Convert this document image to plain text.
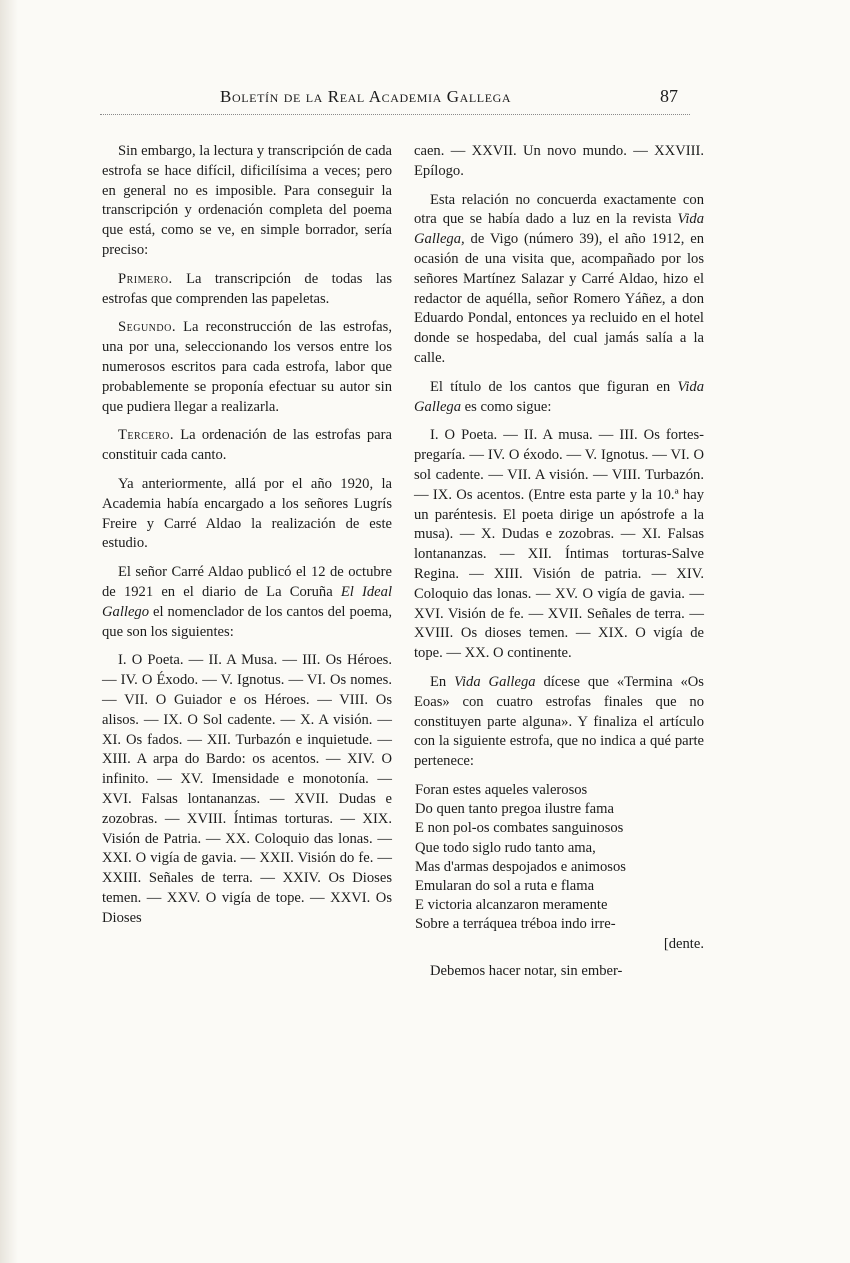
Boletín de la Real Academia Gallega	87

Sin embargo, la lectura y transcripción de cada estrofa se hace difícil, dificilísima a veces; pero en general no es imposible. Para conseguir la transcripción y ordenación completa del poema que está, como se ve, en simple borrador, sería preciso:

Primero. La transcripción de todas las estrofas que comprenden las papeletas.

Segundo. La reconstrucción de las estrofas, una por una, seleccionando los versos entre los numerosos escritos para cada estrofa, labor que probablemente se proponía efectuar su autor sin que pudiera llegar a realizarla.

Tercero. La ordenación de las estrofas para constituir cada canto.

Ya anteriormente, allá por el año 1920, la Academia había encargado a los señores Lugrís Freire y Carré Aldao la realización de este estudio.

El señor Carré Aldao publicó el 12 de octubre de 1921 en el diario de La Coruña El Ideal Gallego el nomenclador de los cantos del poema, que son los siguientes:

I. O Poeta. — II. A Musa. — III. Os Héroes. — IV. O Éxodo. — V. Ignotus. — VI. Os nomes. — VII. O Guiador e os Héroes. — VIII. Os alisos. — IX. O Sol cadente. — X. A visión. — XI. Os fados. — XII. Turbazón e inquietude. — XIII. A arpa do Bardo: os acentos. — XIV. O infinito. — XV. Imensidade e monotonía. — XVI. Falsas lontananzas. — XVII. Dudas e zozobras. — XVIII. Íntimas torturas. — XIX. Visión de Patria. — XX. Coloquio das lonas. — XXI. O vigía de gavia. — XXII. Visión do fe. — XXIII. Señales de terra. — XXIV. Os Dioses temen. — XXV. O vigía de tope. — XXVI. Os Dioses

caen. — XXVII. Un novo mundo. — XXVIII. Epílogo.

Esta relación no concuerda exactamente con otra que se había dado a luz en la revista Vida Gallega, de Vigo (número 39), el año 1912, en ocasión de una visita que, acompañado por los señores Martínez Salazar y Carré Aldao, hizo el redactor de aquélla, señor Romero Yáñez, a don Eduardo Pondal, entonces ya recluido en el hotel donde se hospedaba, del cual jamás salía a la calle.

El título de los cantos que figuran en Vida Gallega es como sigue:

I. O Poeta. — II. A musa. — III. Os fortes-pregaría. — IV. O éxodo. — V. Ignotus. — VI. O sol cadente. — VII. A visión. — VIII. Turbazón. — IX. Os acentos. (Entre esta parte y la 10.ª hay un paréntesis. El poeta dirige un apóstrofe a la musa). — X. Dudas e zozobras. — XI. Falsas lontananzas. — XII. Íntimas torturas-Salve Regina. — XIII. Visión de patria. — XIV. Coloquio das lonas. — XV. O vigía de gavia. — XVI. Visión de fe. — XVII. Señales de terra. — XVIII. Os dioses temen. — XIX. O vigía de tope. — XX. O continente.

En Vida Gallega dícese que «Termina «Os Eoas» con cuatro estrofas finales que no constituyen parte alguna». Y finaliza el artículo con la siguiente estrofa, que no indica a qué parte pertenece:

Foran estes aqueles valerosos
Do quen tanto pregoa ilustre fama
E non pol-os combates sanguinosos
Que todo siglo rudo tanto ama,
Mas d'armas despojados e animosos
Emularan do sol a ruta e flama
E victoria alcanzaron meramente
Sobre a terráquea tréboa indo irre-
[dente.

Debemos hacer notar, sin ember-
